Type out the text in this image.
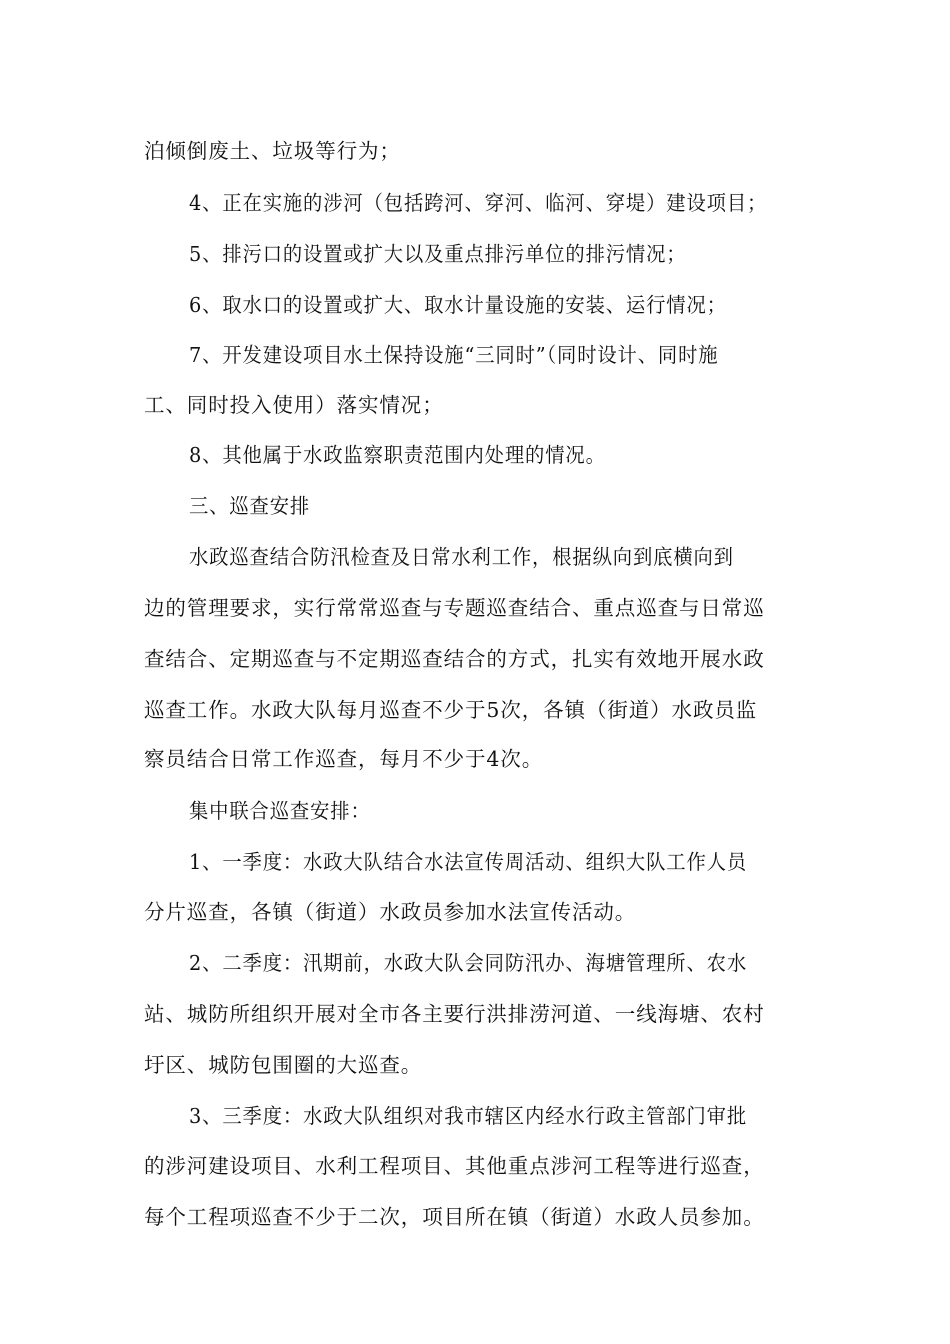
泊倾倒废土、垃圾等行为；
4、正在实施的涉河（包括跨河、穿河、临河、穿堤）建设项目；
5、排污口的设置或扩大以及重点排污单位的排污情况；
6、取水口的设置或扩大、取水计量设施的安装、运行情况；
7、开发建设项目水土保持设施“三同时”（同时设计、同时施
工、同时投入使用）落实情况；
8、其他属于水政监察职责范围内处理的情况。
三、巡查安排
水政巡查结合防汛检查及日常水利工作，根据纵向到底横向到
边的管理要求，实行常常巡查与专题巡查结合、重点巡查与日常巡
查结合、定期巡查与不定期巡查结合的方式，扎实有效地开展水政
巡查工作。水政大队每月巡查不少于5次，各镇（街道）水政员监
察员结合日常工作巡查，每月不少于4次。
集中联合巡查安排：
1、一季度：水政大队结合水法宣传周活动、组织大队工作人员
分片巡查，各镇（街道）水政员参加水法宣传活动。
2、二季度：汛期前，水政大队会同防汛办、海塘管理所、农水
站、城防所组织开展对全市各主要行洪排涝河道、一线海塘、农村
圩区、城防包围圈的大巡查。
3、三季度：水政大队组织对我市辖区内经水行政主管部门审批
的涉河建设项目、水利工程项目、其他重点涉河工程等进行巡查，
每个工程项巡查不少于二次，项目所在镇（街道）水政人员参加。
